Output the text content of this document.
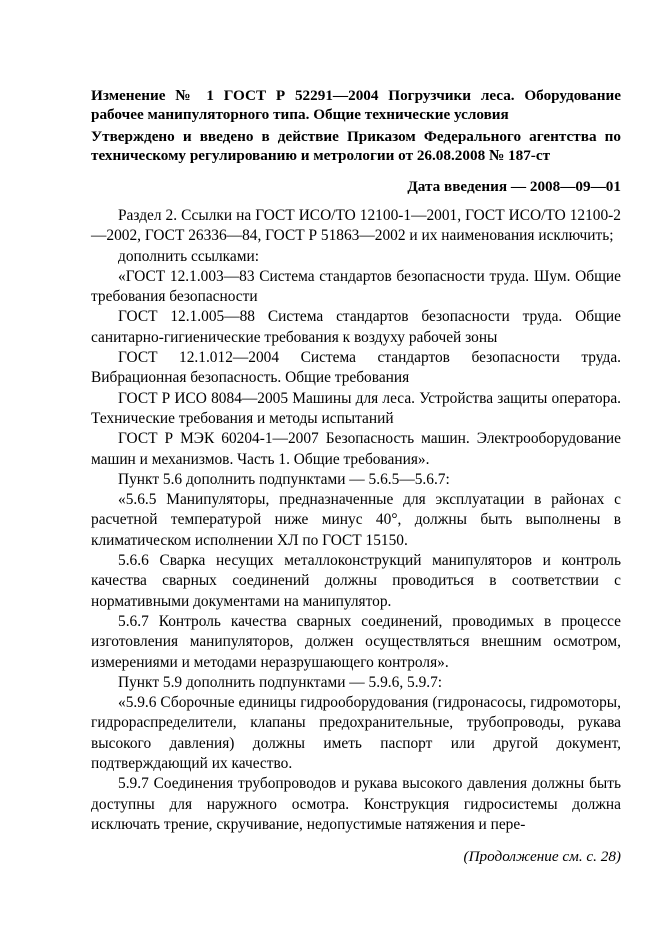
Изменение № 1 ГОСТ Р 52291—2004 Погрузчики леса. Оборудование рабочее манипуляторного типа. Общие технические условия
Утверждено и введено в действие Приказом Федерального агентства по техническому регулированию и метрологии от 26.08.2008 № 187-ст
Дата введения — 2008—09—01

Раздел 2. Ссылки на ГОСТ ИСО/ТО 12100-1—2001, ГОСТ ИСО/ТО 12100-2—2002, ГОСТ 26336—84, ГОСТ Р 51863—2002 и их наименования исключить;

дополнить ссылками:

«ГОСТ 12.1.003—83 Система стандартов безопасности труда. Шум. Общие требования безопасности

ГОСТ 12.1.005—88 Система стандартов безопасности труда. Общие санитарно-гигиенические требования к воздуху рабочей зоны

ГОСТ 12.1.012—2004 Система стандартов безопасности труда. Вибрационная безопасность. Общие требования

ГОСТ Р ИСО 8084—2005 Машины для леса. Устройства защиты оператора. Технические требования и методы испытаний

ГОСТ Р МЭК 60204-1—2007 Безопасность машин. Электрооборудование машин и механизмов. Часть 1. Общие требования».

Пункт 5.6 дополнить подпунктами — 5.6.5—5.6.7:

«5.6.5 Манипуляторы, предназначенные для эксплуатации в районах с расчетной температурой ниже минус 40°, должны быть выполнены в климатическом исполнении ХЛ по ГОСТ 15150.

5.6.6 Сварка несущих металлоконструкций манипуляторов и контроль качества сварных соединений должны проводиться в соответствии с нормативными документами на манипулятор.

5.6.7 Контроль качества сварных соединений, проводимых в процессе изготовления манипуляторов, должен осуществляться внешним осмотром, измерениями и методами неразрушающего контроля».

Пункт 5.9 дополнить подпунктами — 5.9.6, 5.9.7:

«5.9.6 Сборочные единицы гидрооборудования (гидронасосы, гидромоторы, гидрораспределители, клапаны предохранительные, трубопроводы, рукава высокого давления) должны иметь паспорт или другой документ, подтверждающий их качество.

5.9.7 Соединения трубопроводов и рукава высокого давления должны быть доступны для наружного осмотра. Конструкция гидросистемы должна исключать трение, скручивание, недопустимые натяжения и пере-

(Продолжение см. с. 28)
